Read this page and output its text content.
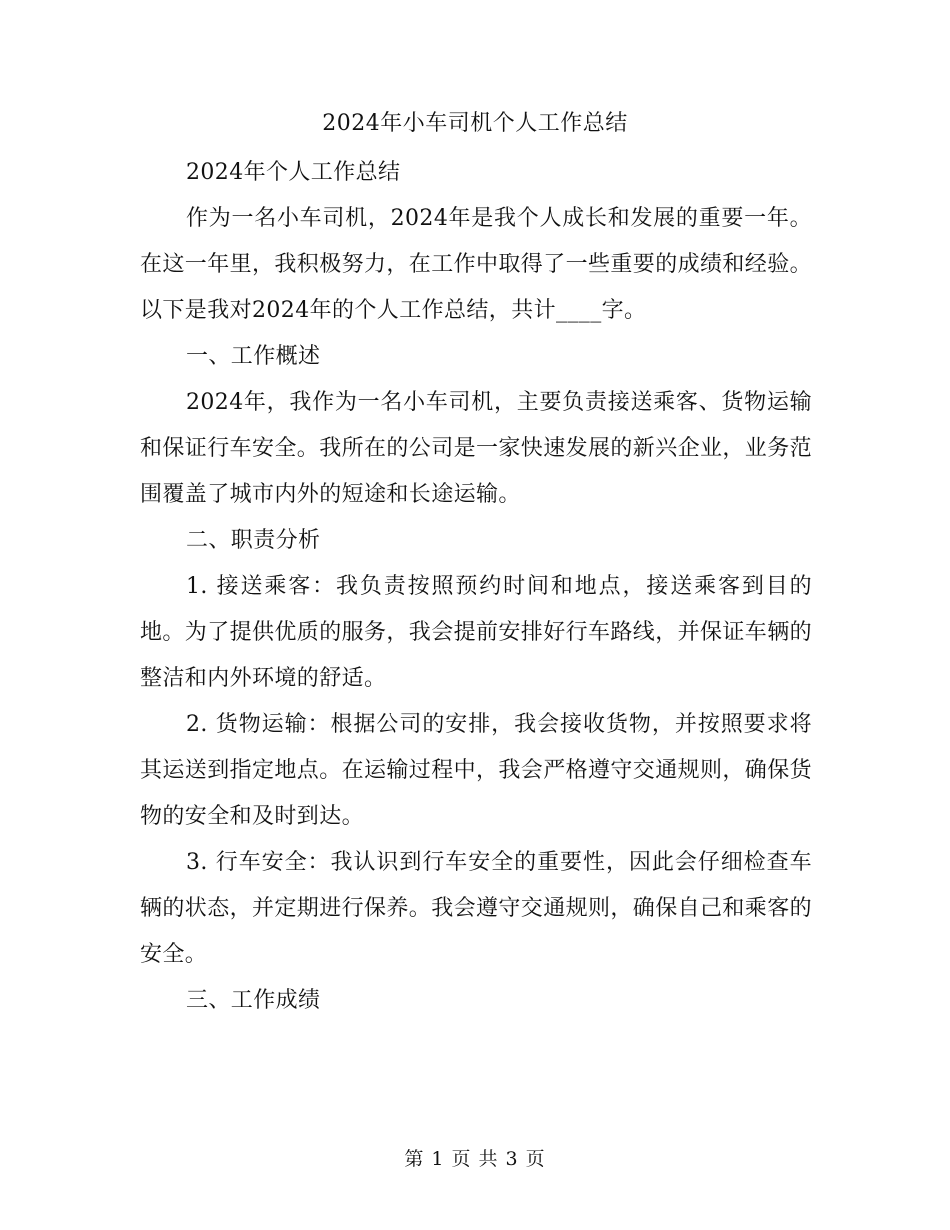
2024年小车司机个人工作总结

2024年个人工作总结

作为一名小车司机，2024年是我个人成长和发展的重要一年。在这一年里，我积极努力，在工作中取得了一些重要的成绩和经验。以下是我对2024年的个人工作总结，共计____字。

一、工作概述

2024年，我作为一名小车司机，主要负责接送乘客、货物运输和保证行车安全。我所在的公司是一家快速发展的新兴企业，业务范围覆盖了城市内外的短途和长途运输。

二、职责分析

1. 接送乘客：我负责按照预约时间和地点，接送乘客到目的地。为了提供优质的服务，我会提前安排好行车路线，并保证车辆的整洁和内外环境的舒适。

2. 货物运输：根据公司的安排，我会接收货物，并按照要求将其运送到指定地点。在运输过程中，我会严格遵守交通规则，确保货物的安全和及时到达。

3. 行车安全：我认识到行车安全的重要性，因此会仔细检查车辆的状态，并定期进行保养。我会遵守交通规则，确保自己和乘客的安全。

三、工作成绩

第 1 页 共 3 页
